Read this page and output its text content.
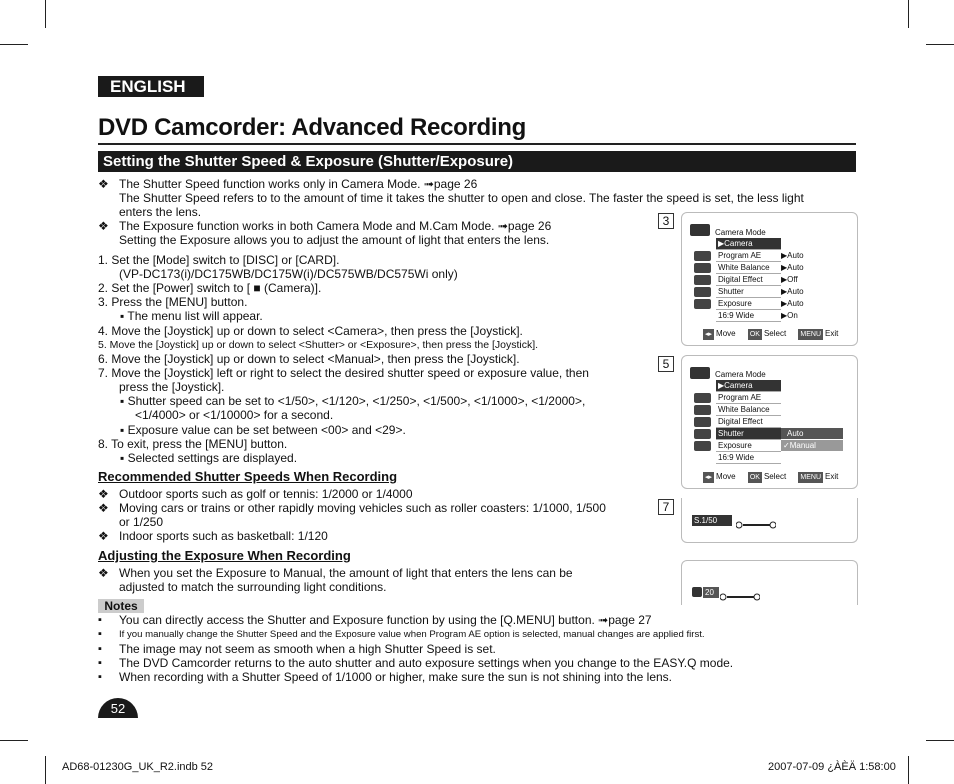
ENGLISH
DVD Camcorder: Advanced Recording
Setting the Shutter Speed & Exposure (Shutter/Exposure)
❖ The Shutter Speed function works only in Camera Mode. ➟page 26
The Shutter Speed refers to to the amount of time it takes the shutter to open and close. The faster the speed is set, the less light
enters the lens.
❖ The Exposure function works in both Camera Mode and M.Cam Mode. ➟page 26
Setting the Exposure allows you to adjust the amount of light that enters the lens.
1. Set the [Mode] switch to [DISC] or [CARD].
(VP-DC173(i)/DC175WB/DC175W(i)/DC575WB/DC575Wi only)
2. Set the [Power] switch to [ ■ (Camera)].
3. Press the [MENU] button.
▪ The menu list will appear.
4. Move the [Joystick] up or down to select <Camera>, then press the [Joystick].
5. Move the [Joystick] up or down to select <Shutter> or <Exposure>, then press the [Joystick].
6. Move the [Joystick] up or down to select <Manual>, then press the [Joystick].
7. Move the [Joystick] left or right to select the desired shutter speed or exposure value, then
press the [Joystick].
▪ Shutter speed can be set to <1/50>, <1/120>, <1/250>, <1/500>, <1/1000>, <1/2000>,
<1/4000> or <1/10000> for a second.
▪ Exposure value can be set between <00> and <29>.
8. To exit, press the [MENU] button.
▪ Selected settings are displayed.
Recommended Shutter Speeds When Recording
❖ Outdoor sports such as golf or tennis: 1/2000 or 1/4000
❖ Moving cars or trains or other rapidly moving vehicles such as roller coasters: 1/1000, 1/500
or 1/250
❖ Indoor sports such as basketball: 1/120
Adjusting the Exposure When Recording
❖ When you set the Exposure to Manual, the amount of light that enters the lens can be
adjusted to match the surrounding light conditions.
Notes
▪ You can directly access the Shutter and Exposure function by using the [Q.MENU] button. ➟page 27
▪ If you manually change the Shutter Speed and the Exposure value when Program AE option is selected, manual changes are applied first.
▪ The image may not seem as smooth when a high Shutter Speed is set.
▪ The DVD Camcorder returns to the auto shutter and auto exposure settings when you change to the EASY.Q mode.
▪ When recording with a Shutter Speed of 1/1000 or higher, make sure the sun is not shining into the lens.
52
AD68-01230G_UK_R2.indb 52	2007-07-09 ¿ÀÈÄ 1:58:00
3
Camera Mode
▶Camera
Program AE	▶Auto
White Balance	▶Auto
Digital Effect	▶Off
Shutter	▶Auto
Exposure	▶Auto
16:9 Wide	▶On
◂▸ Move OK Select MENU Exit
5
Camera Mode
▶Camera
Program AE
White Balance
Digital Effect
Shutter	Auto
Exposure	✓Manual
16:9 Wide
◂▸ Move OK Select MENU Exit
7
S.1/50
20
